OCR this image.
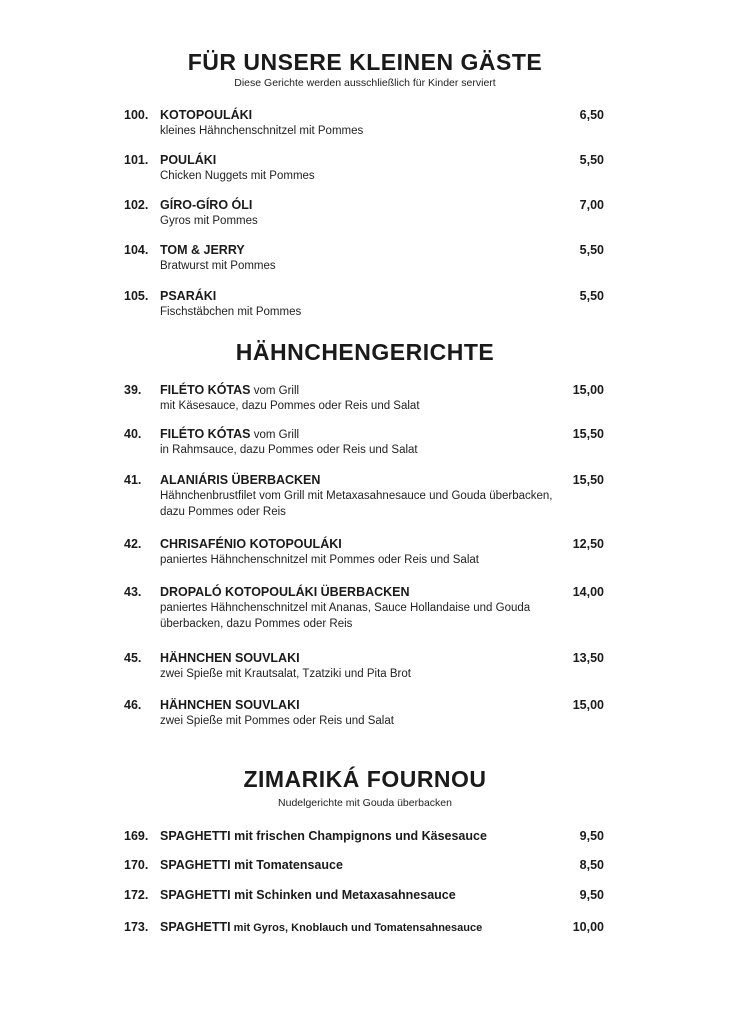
FÜR UNSERE KLEINEN GÄSTE
Diese Gerichte werden ausschließlich für Kinder serviert
100. KOTOPOULÁKI	6,50
kleines Hähnchenschnitzel mit Pommes
101. POULÁKI	5,50
Chicken Nuggets mit Pommes
102. GÍRO-GÍRO ÓLI	7,00
Gyros mit Pommes
104. TOM & JERRY	5,50
Bratwurst mit Pommes
105. PSARÁKI	5,50
Fischstäbchen mit Pommes
HÄHNCHENGERICHTE
39.	FILÉTO KÓTAS vom Grill	15,00
mit Käsesauce, dazu Pommes oder Reis und Salat
40.	FILÉTO KÓTAS vom Grill	15,50
in Rahmsauce, dazu Pommes oder Reis und Salat
41.	ALANIÁRIS ÜBERBACKEN	15,50
Hähnchenbrustfilet vom Grill mit Metaxasahnesauce und Gouda überbacken, dazu Pommes oder Reis
42.	CHRISAFÉNIO KOTOPOULÁKI	12,50
paniertes Hähnchenschnitzel mit Pommes oder Reis und Salat
43.	DROPALÓ KOTOPOULÁKI ÜBERBACKEN	14,00
paniertes Hähnchenschnitzel mit Ananas, Sauce Hollandaise und Gouda überbacken, dazu Pommes oder Reis
45.	HÄHNCHEN SOUVLAKI	13,50
zwei Spieße mit Krautsalat, Tzatziki und Pita Brot
46.	HÄHNCHEN SOUVLAKI	15,00
zwei Spieße mit Pommes oder Reis und Salat
ZIMARIKÁ FOURNOU
Nudelgerichte mit Gouda überbacken
169. SPAGHETTI mit frischen Champignons und Käsesauce	9,50
170. SPAGHETTI mit Tomatensauce	8,50
172. SPAGHETTI mit Schinken und Metaxasahnesauce	9,50
173. SPAGHETTI mit Gyros, Knoblauch und Tomatensahnesauce	10,00
